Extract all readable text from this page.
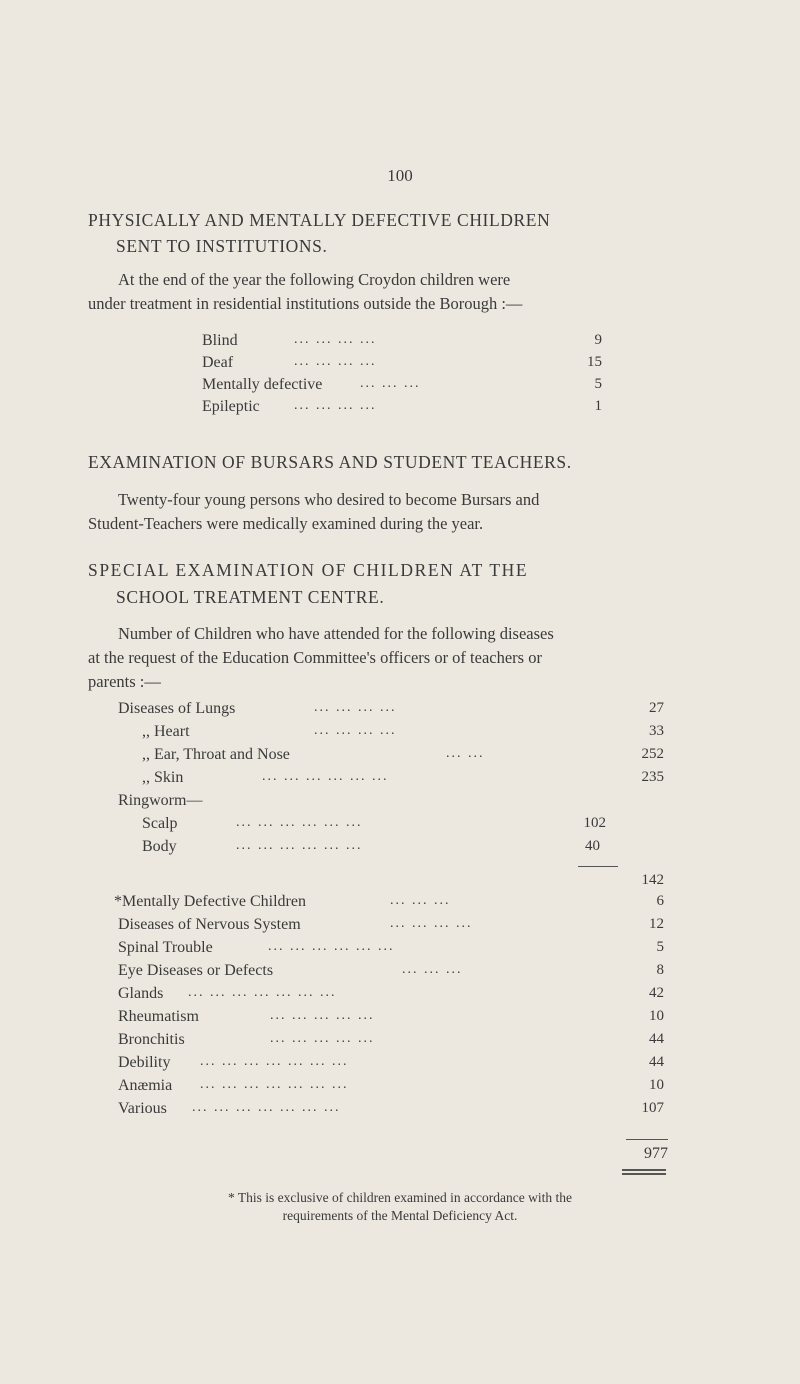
100
PHYSICALLY AND MENTALLY DEFECTIVE CHILDREN
SENT TO INSTITUTIONS.
At the end of the year the following Croydon children were
under treatment in residential institutions outside the Borough :—
Blind	... ... ... ...	9
Deaf	... ... ... ...	15
Mentally defective	... ... ...	5
Epileptic ... ... ... ...	1
EXAMINATION OF BURSARS AND STUDENT TEACHERS.
Twenty-four young persons who desired to become Bursars and
Student-Teachers were medically examined during the year.
SPECIAL EXAMINATION OF CHILDREN AT THE
SCHOOL TREATMENT CENTRE.
Number of Children who have attended for the following diseases
at the request of the Education Committee's officers or of teachers or
parents :—
Diseases of Lungs	... ... ... ...	27
,, Heart	... ... ... ...	33
,, Ear, Throat and Nose	... ...	252
,, Skin	... ... ... ... ... ...	235
Ringworm—
Scalp	... ... ... ... ... ...	102
Body	... ... ... ... ... ...	40
142
*Mentally Defective Children	... ... ...	6
Diseases of Nervous System	... ... ... ...	12
Spinal Trouble	... ... ... ... ... ...	5
Eye Diseases or Defects	... ... ...	8
Glands ... ... ... ... ... ... ...	42
Rheumatism	... ... ... ... ...	10
Bronchitis	... ... ... ... ...	44
Debility ... ... ... ... ... ... ...	44
Anæmia ... ... ... ... ... ... ...	10
Various ... ... ... ... ... ... ...	107
977
* This is exclusive of children examined in accordance with the
requirements of the Mental Deficiency Act.
